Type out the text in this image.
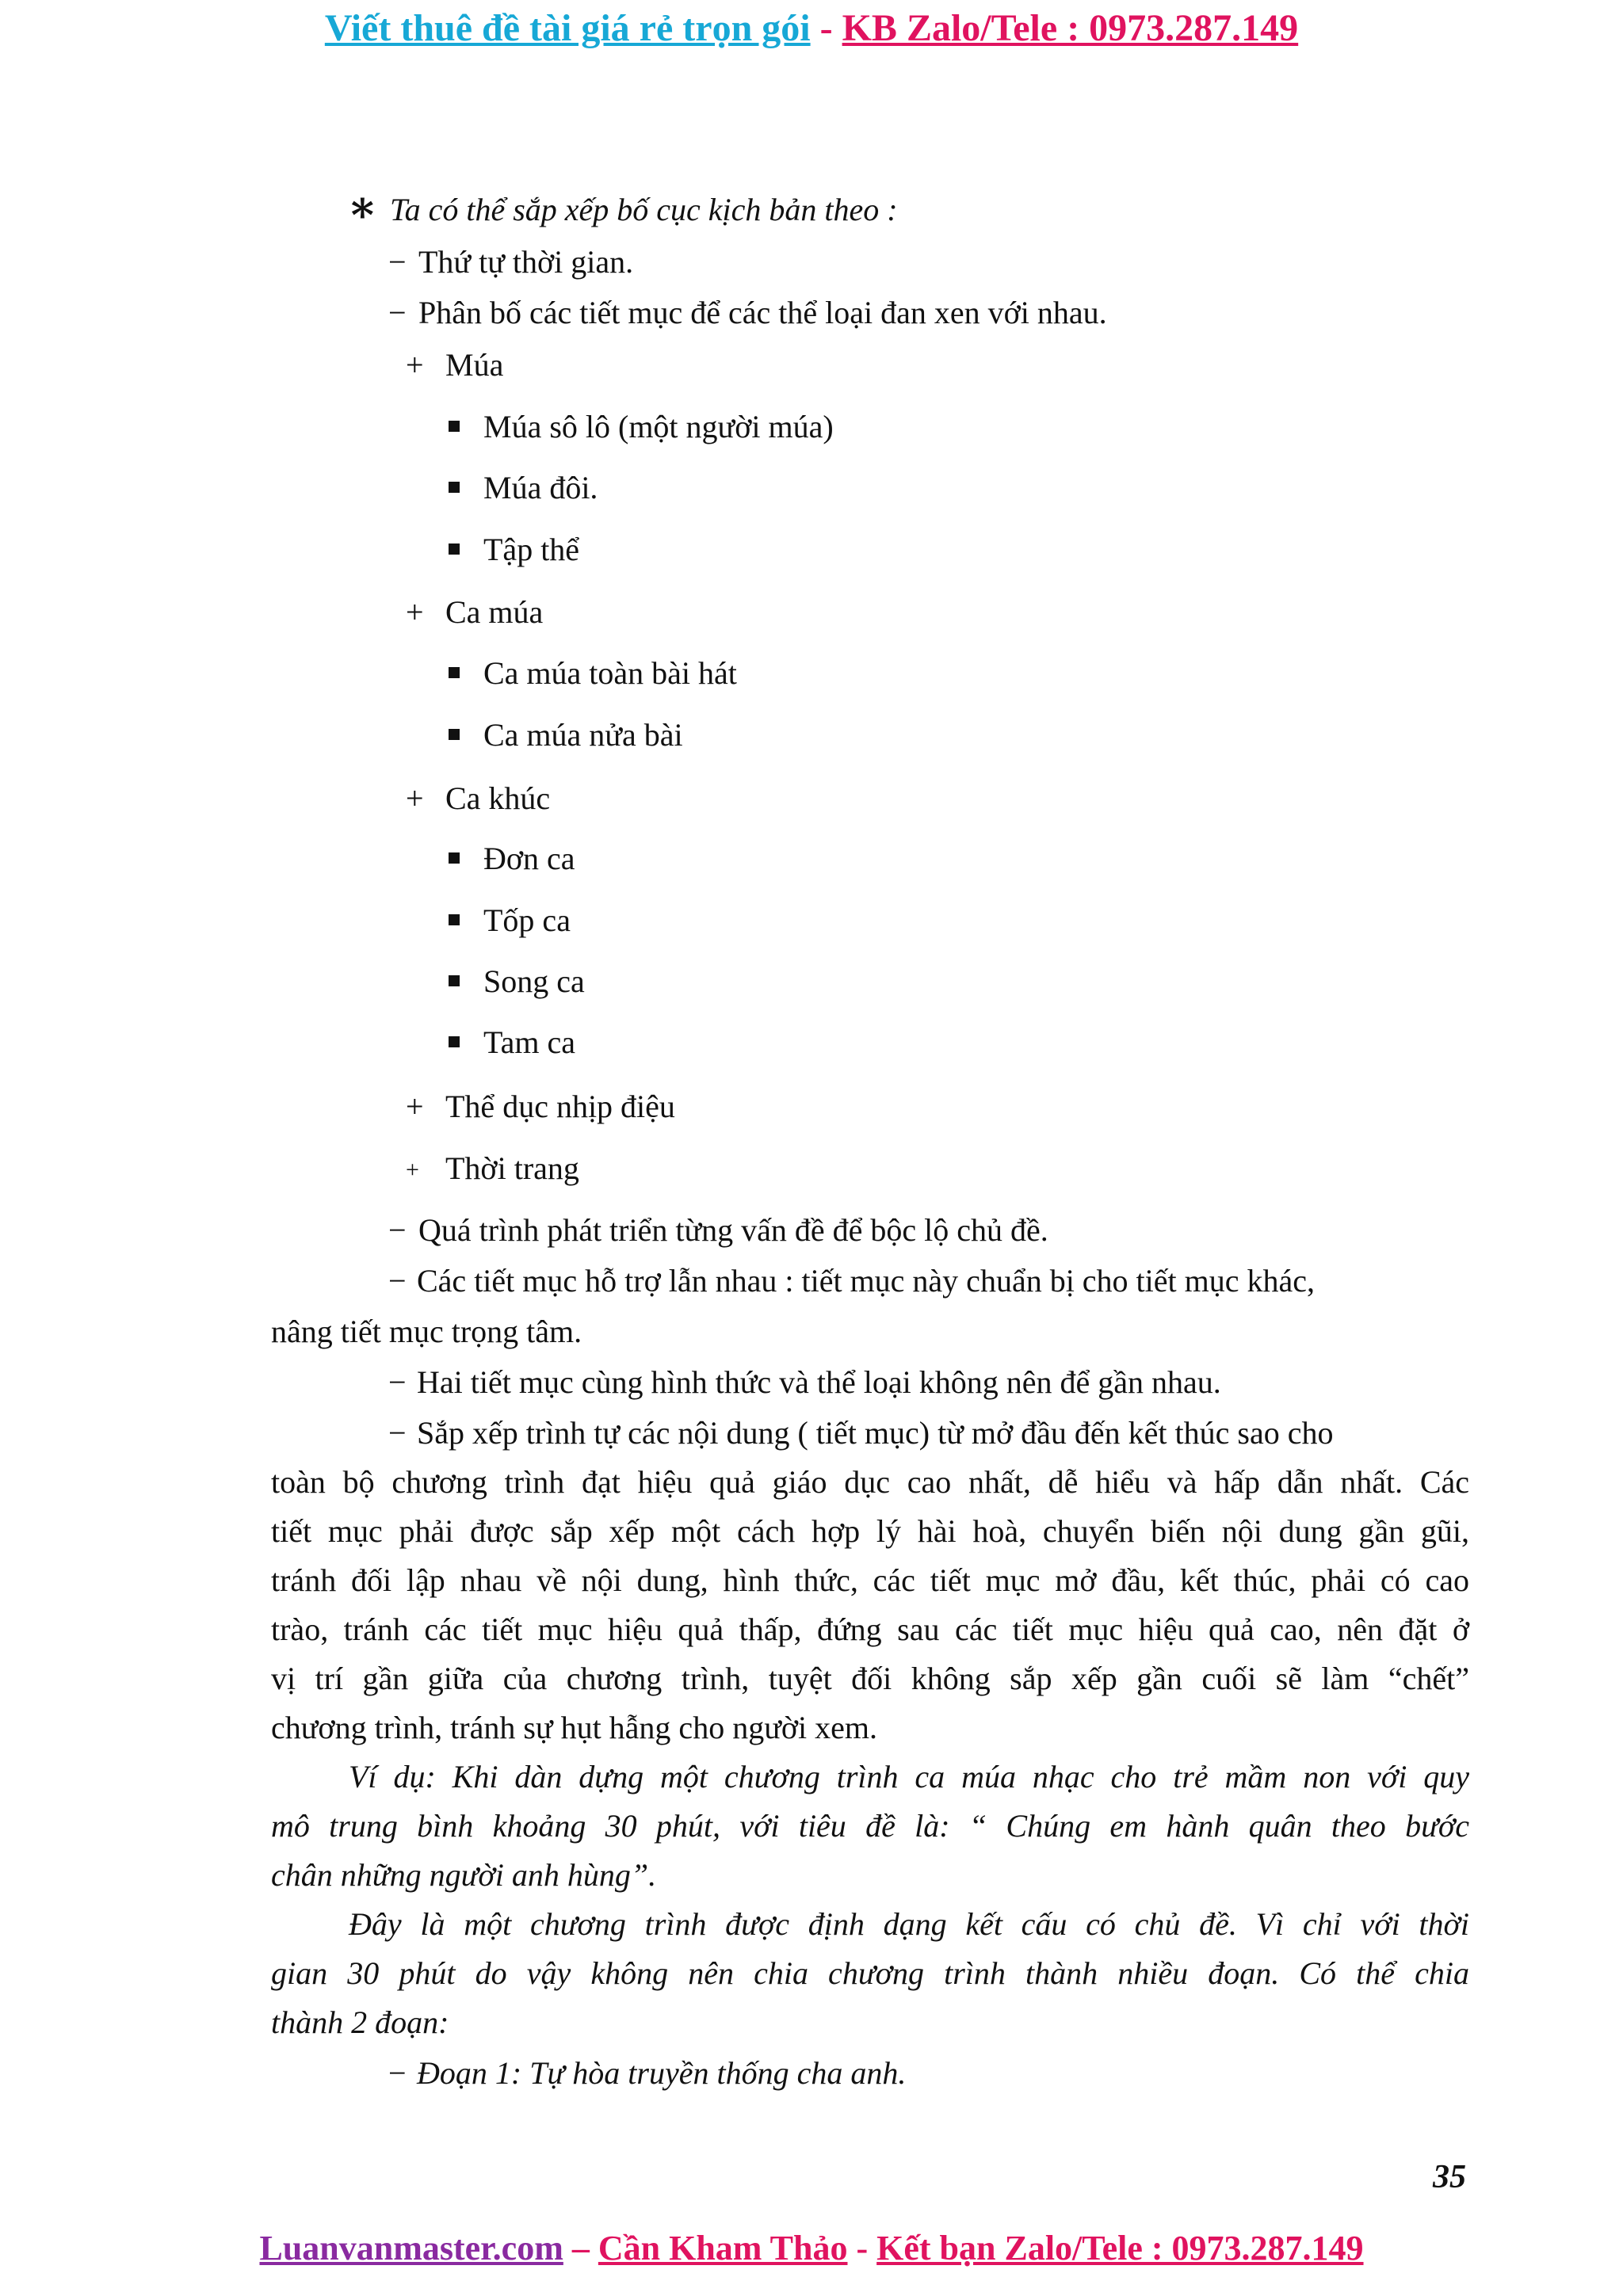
Viết thuê đề tài giá rẻ trọn gói - KB Zalo/Tele : 0973.287.149
∗ Ta có thể sắp xếp bố cục kịch bản theo :
− Thứ tự thời gian.
− Phân bố các tiết mục để các thể loại đan xen với nhau.
+ Múa
Múa sô lô (một người múa)
Múa đôi.
Tập thể
+ Ca múa
Ca múa toàn bài hát
Ca múa nửa bài
+ Ca khúc
Đơn ca
Tốp ca
Song ca
Tam ca
+ Thể dục nhịp điệu
+ Thời trang
− Quá trình phát triển từng vấn đề để bộc lộ chủ đề.
− Các tiết mục hỗ trợ lẫn nhau : tiết mục này chuẩn bị cho tiết mục khác,
nâng tiết mục trọng tâm.
− Hai tiết mục cùng hình thức và thể loại không nên để gần nhau.
− Sắp xếp trình tự các nội dung ( tiết mục) từ mở đầu đến kết thúc sao cho
toàn bộ chương trình đạt hiệu quả giáo dục cao nhất, dễ hiểu và hấp dẫn nhất. Các
tiết mục phải được sắp xếp một cách hợp lý hài hoà, chuyển biến nội dung gần gũi,
tránh đối lập nhau về nội dung, hình thức, các tiết mục mở đầu, kết thúc, phải có cao
trào, tránh các tiết mục hiệu quả thấp, đứng sau các tiết mục hiệu quả cao, nên đặt ở
vị trí gần giữa của chương trình, tuyệt đối không sắp xếp gần cuối sẽ làm “chết”
chương trình, tránh sự hụt hẫng cho người xem.
Ví dụ: Khi dàn dựng một chương trình ca múa nhạc cho trẻ mầm non với quy
mô trung bình khoảng 30 phút, với tiêu đề là: “ Chúng em hành quân theo bước
chân những người anh hùng”.
Đây là một chương trình được định dạng kết cấu có chủ đề. Vì chỉ với thời
gian 30 phút do vậy không nên chia chương trình thành nhiều đoạn. Có thể chia
thành 2 đoạn:
− Đoạn 1: Tự hòa truyền thống cha anh.
35
Luanvanmaster.com – Cần Kham Thảo - Kết bạn Zalo/Tele : 0973.287.149
